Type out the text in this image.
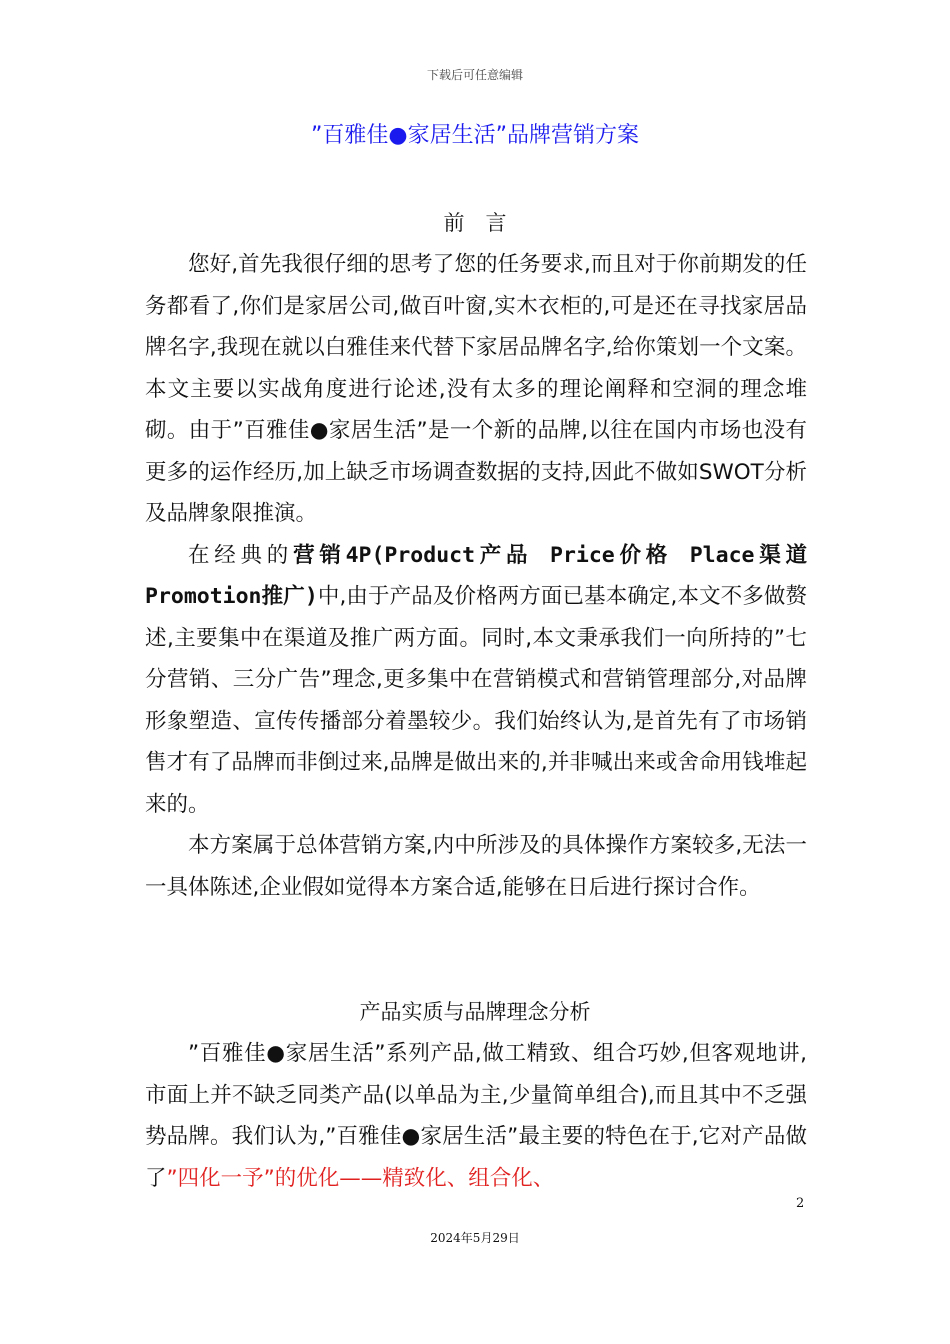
下载后可任意编辑
”百雅佳●家居生活”品牌营销方案
前　言

您好,首先我很仔细的思考了您的任务要求,而且对于你前期发的任务都看了,你们是家居公司,做百叶窗,实木衣柜的,可是还在寻找家居品牌名字,我现在就以白雅佳来代替下家居品牌名字,给你策划一个文案。本文主要以实战角度进行论述,没有太多的理论阐释和空洞的理念堆砌。由于”百雅佳●家居生活”是一个新的品牌,以往在国内市场也没有更多的运作经历,加上缺乏市场调查数据的支持,因此不做如SWOT分析及品牌象限推演。

在经典的营销4P(Product产品 Price价格 Place渠道 Promotion推广)中,由于产品及价格两方面已基本确定,本文不多做赘述,主要集中在渠道及推广两方面。同时,本文秉承我们一向所持的”七分营销、三分广告”理念,更多集中在营销模式和营销管理部分,对品牌形象塑造、宣传传播部分着墨较少。我们始终认为,是首先有了市场销售才有了品牌而非倒过来,品牌是做出来的,并非喊出来或舍命用钱堆起来的。

本方案属于总体营销方案,内中所涉及的具体操作方案较多,无法一一具体陈述,企业假如觉得本方案合适,能够在日后进行探讨合作。

产品实质与品牌理念分析

”百雅佳●家居生活”系列产品,做工精致、组合巧妙,但客观地讲,市面上并不缺乏同类产品(以单品为主,少量简单组合),而且其中不乏强势品牌。我们认为,”百雅佳●家居生活”最主要的特色在于,它对产品做了”四化一予”的优化——精致化、组合化、

2
2024年5月29日
